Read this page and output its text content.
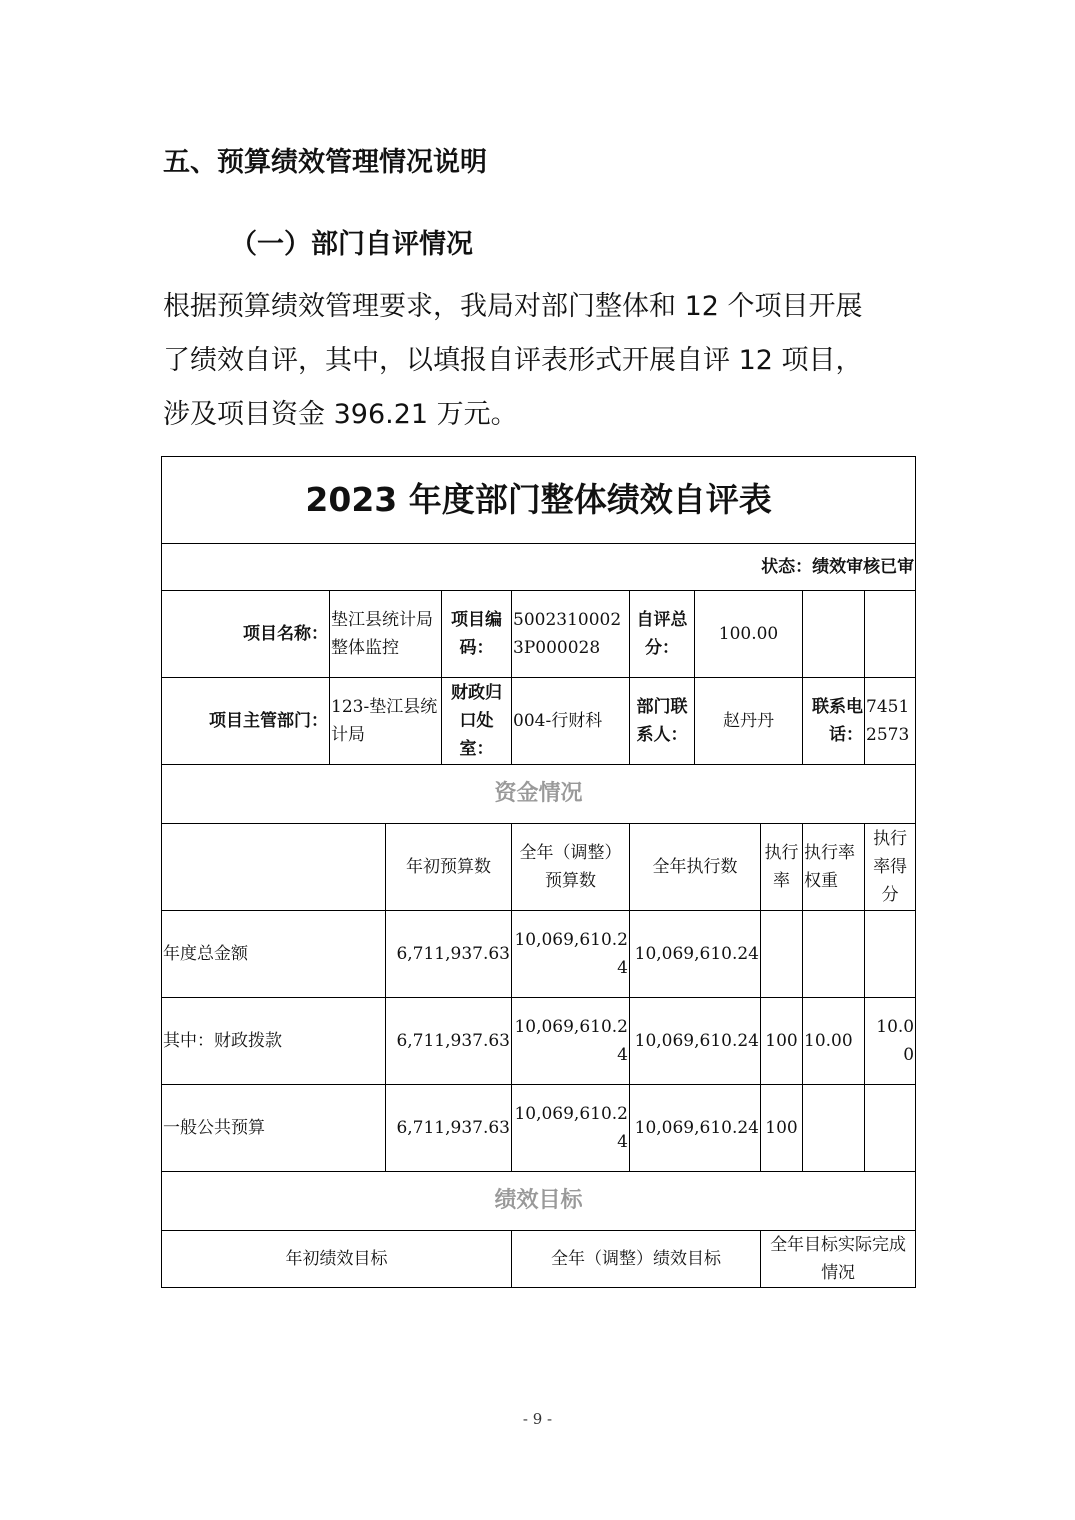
五、预算绩效管理情况说明
（一）部门自评情况
根据预算绩效管理要求，我局对部门整体和 12 个项目开展
了绩效自评，其中，以填报自评表形式开展自评 12 项目，
涉及项目资金 396.21 万元。
2023 年度部门整体绩效自评表									
状态：绩效审核已审									
项目名称：	垫江县统计局整体监控		项目编码：	50023100023P000028	自评总分：	100.00			
项目主管部门：	123-垫江县统计局		财政归口处室：	004-行财科	部门联系人：	赵丹丹		联系电话：	74512573
资金情况									
		年初预算数		全年（调整）预算数	全年执行数		执行率	执行率权重	执行率得分
年度总金额		6,711,937.63		10,069,610.24	10,069,610.24				
其中：财政拨款		6,711,937.63		10,069,610.24	10,069,610.24		100	10.00	10.00
一般公共预算		6,711,937.63		10,069,610.24	10,069,610.24		100		
绩效目标									
年初绩效目标				全年（调整）绩效目标			全年目标实际完成情况		
- 9 -
